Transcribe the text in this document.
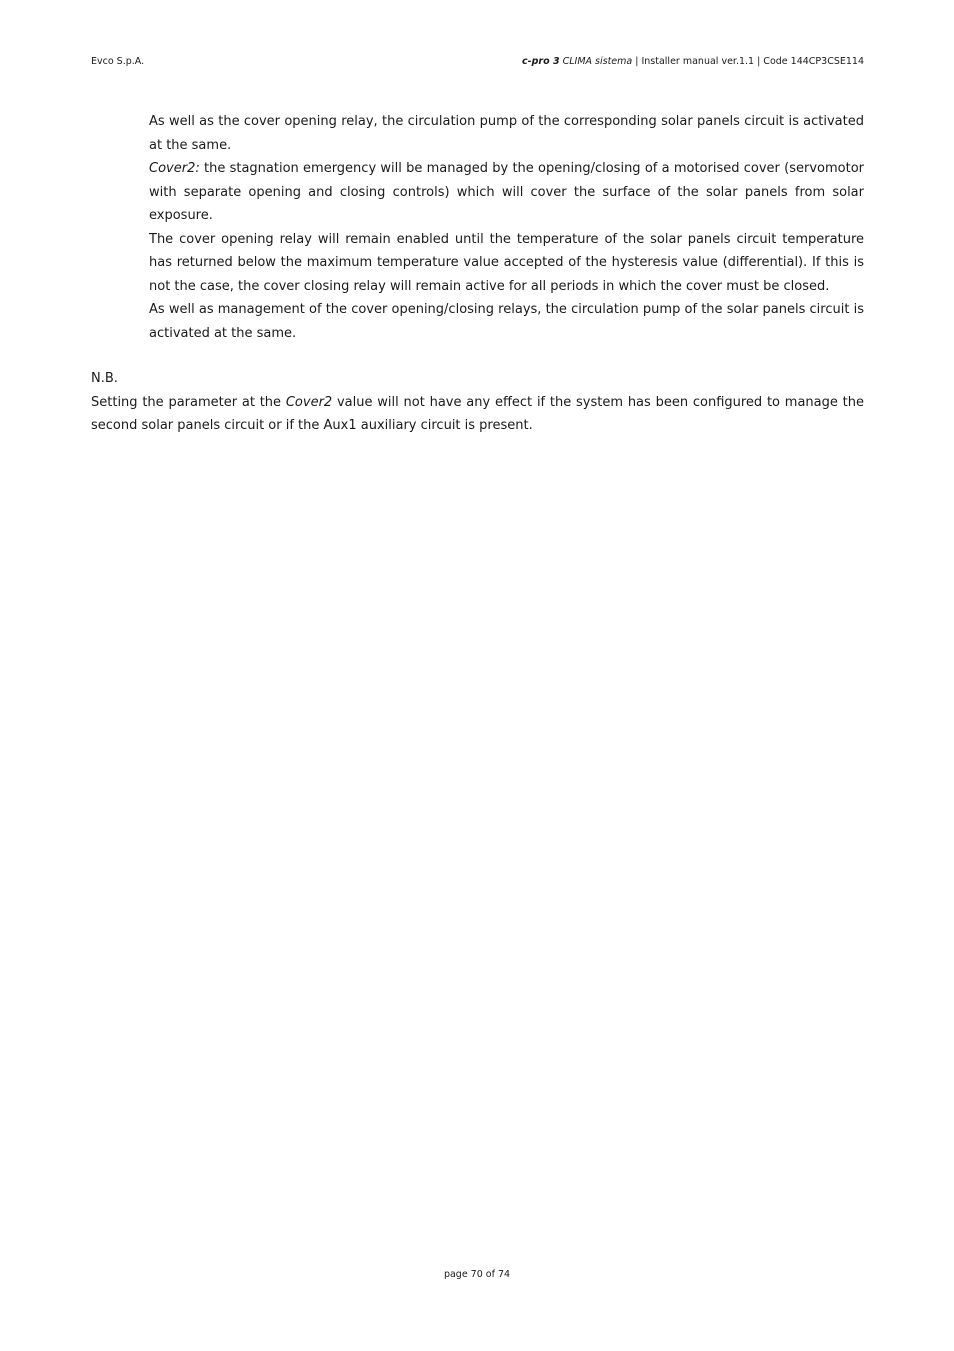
Evco S.p.A.	c-pro 3 CLIMA sistema | Installer manual ver.1.1 | Code 144CP3CSE114

As well as the cover opening relay, the circulation pump of the corresponding solar panels circuit is activated at the same.

Cover2: the stagnation emergency will be managed by the opening/closing of a motorised cover (servomotor with separate opening and closing controls) which will cover the surface of the solar panels from solar exposure.

The cover opening relay will remain enabled until the temperature of the solar panels circuit temperature has returned below the maximum temperature value accepted of the hysteresis value (differential). If this is not the case, the cover closing relay will remain active for all periods in which the cover must be closed.

As well as management of the cover opening/closing relays, the circulation pump of the solar panels circuit is activated at the same.

N.B.

Setting the parameter at the Cover2 value will not have any effect if the system has been configured to manage the second solar panels circuit or if the Aux1 auxiliary circuit is present.

page 70 of 74
